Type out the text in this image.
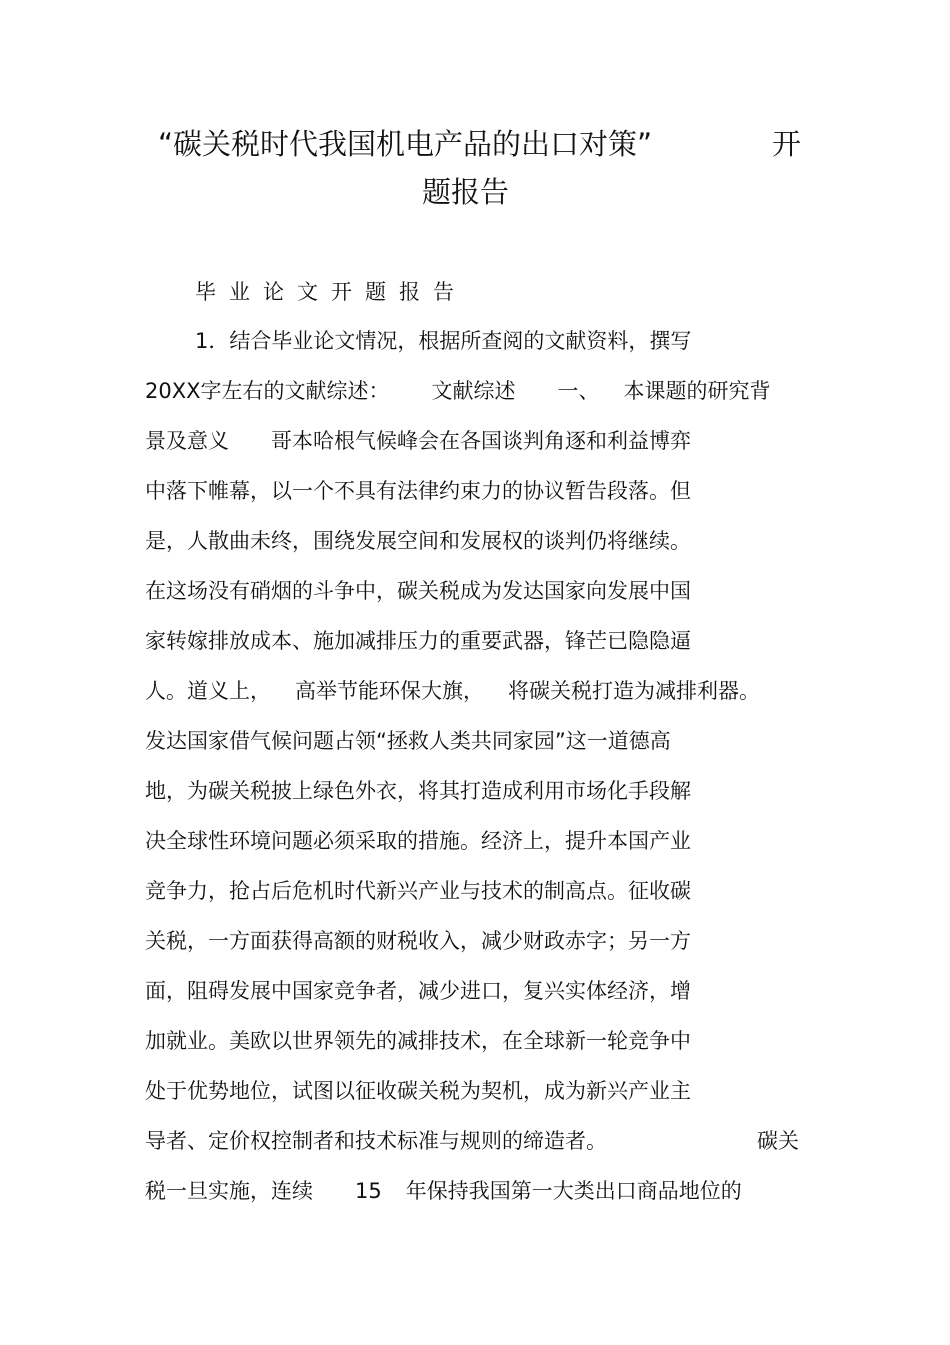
“碳关税时代我国机电产品的出口对策”	开
题报告
毕业论文开题报告
1．结合毕业论文情况，根据所查阅的文献资料，撰写
20XX字左右的文献综述： 文献综述 一、 本课题的研究背
景及意义 哥本哈根气候峰会在各国谈判角逐和利益博弈
中落下帷幕，以一个不具有法律约束力的协议暂告段落。但
是，人散曲未终，围绕发展空间和发展权的谈判仍将继续。
在这场没有硝烟的斗争中，碳关税成为发达国家向发展中国
家转嫁排放成本、施加减排压力的重要武器，锋芒已隐隐逼
人。道义上， 高举节能环保大旗， 将碳关税打造为减排利器。
发达国家借气候问题占领“拯救人类共同家园”这一道德高
地，为碳关税披上绿色外衣，将其打造成利用市场化手段解
决全球性环境问题必须采取的措施。经济上，提升本国产业
竞争力，抢占后危机时代新兴产业与技术的制高点。征收碳
关税，一方面获得高额的财税收入，减少财政赤字；另一方
面，阻碍发展中国家竞争者，减少进口，复兴实体经济，增
加就业。美欧以世界领先的减排技术，在全球新一轮竞争中
处于优势地位，试图以征收碳关税为契机，成为新兴产业主
导者、定价权控制者和技术标准与规则的缔造者。	碳关
税一旦实施，连续 15 年保持我国第一大类出口商品地位的
